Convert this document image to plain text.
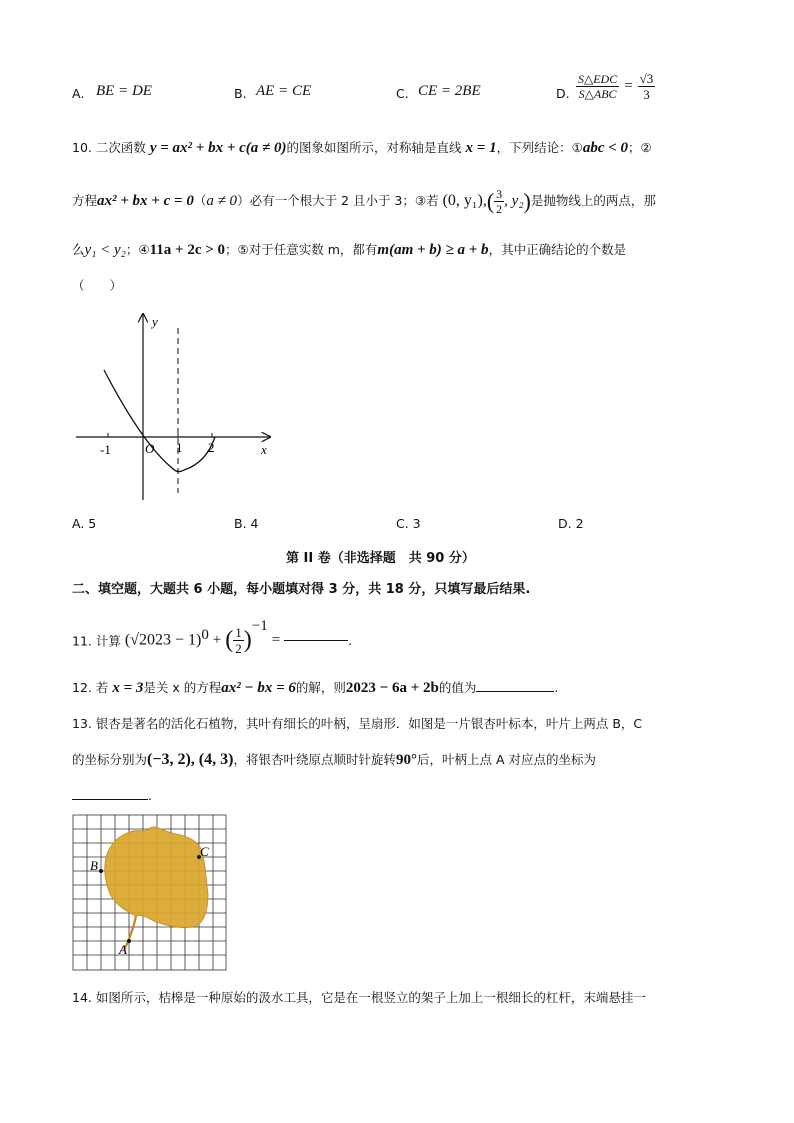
A. BE = DE	B. AE = CE	C. CE = 2BE	D. $\frac{\text{S△EDC}}{\text{S△ABC}} = \frac{√3}{3}$
10. 二次函数 y = ax² + bx + c(a ≠ 0)的图象如图所示，对称轴是直线 x = 1，下列结论：①abc < 0；②
方程ax² + bx + c = 0（a ≠ 0）必有一个根大于 2 且小于 3；③若 (0, $y_1),( \frac{3}{2}$ , y₂)是抛物线上的两点，那
么y₁ < y₂；④11a + 2c > 0；⑤对于任意实数 m，都有m(am + b) ≥ a + b，其中正确结论的个数是
（　　）
y
x
O
-1	1 2
A. 5	B. 4	C. 3	D. 2
第 II 卷（非选择题　共 90 分）
二、填空题，大题共 6 小题，每小题填对得 3 分，共 18 分，只填写最后结果.
11. 计算 $(√2023 - 1)^0$ + ( $\frac{1}{2} )^{-1}$ =	.
12. 若 x = 3是关 x 的方程ax² − bx = 6的解，则2023 − 6a + 2b的值为	.
13. 银杏是著名的活化石植物，其叶有细长的叶柄，呈扇形．如图是一片银杏叶标本，叶片上两点 B，C
的坐标分别为(−3, 2), (4, 3)，将银杏叶绕原点顺时针旋转90°后，叶柄上点 A 对应点的坐标为
.
B
C
A
14. 如图所示，桔槔是一种原始的汲水工具，它是在一根竖立的架子上加上一根细长的杠杆，末端悬挂一
